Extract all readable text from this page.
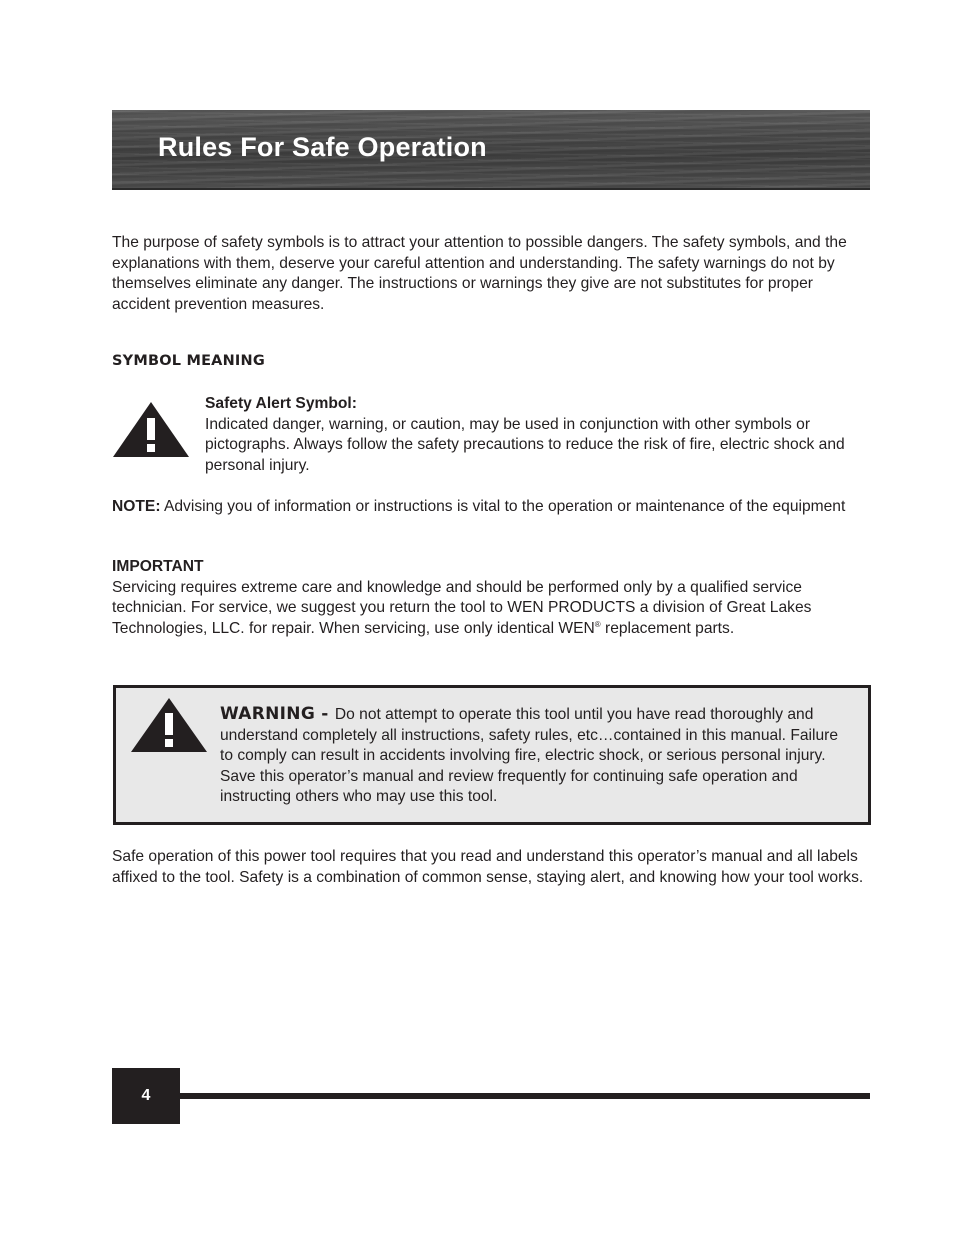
Rules For Safe Operation

The purpose of safety symbols is to attract your attention to possible dangers. The safety symbols, and the explanations with them, deserve your careful attention and understanding. The safety warnings do not by themselves eliminate any danger. The instructions or warnings they give are not substitutes for proper accident prevention measures.

SYMBOL MEANING
Safety Alert Symbol:
Indicated danger, warning, or caution, may be used in conjunction with other symbols or pictographs. Always follow the safety precautions to reduce the risk of fire, electric shock and personal injury.

NOTE: Advising you of information or instructions is vital to the operation or maintenance of the equipment

IMPORTANT
Servicing requires extreme care and knowledge and should be performed only by a qualified service technician. For service, we suggest you return the tool to WEN PRODUCTS a division of Great Lakes Technologies, LLC. for repair. When servicing, use only identical WEN® replacement parts.
WARNING - Do not attempt to operate this tool until you have read thoroughly and understand completely all instructions, safety rules, etc…contained in this manual. Failure to comply can result in accidents involving fire, electric shock, or serious personal injury. Save this operator’s manual and review frequently for continuing safe operation and instructing others who may use this tool.

Safe operation of this power tool requires that you read and understand this operator’s manual and all labels affixed to the tool. Safety is a combination of common sense, staying alert, and knowing how your tool works.

4
